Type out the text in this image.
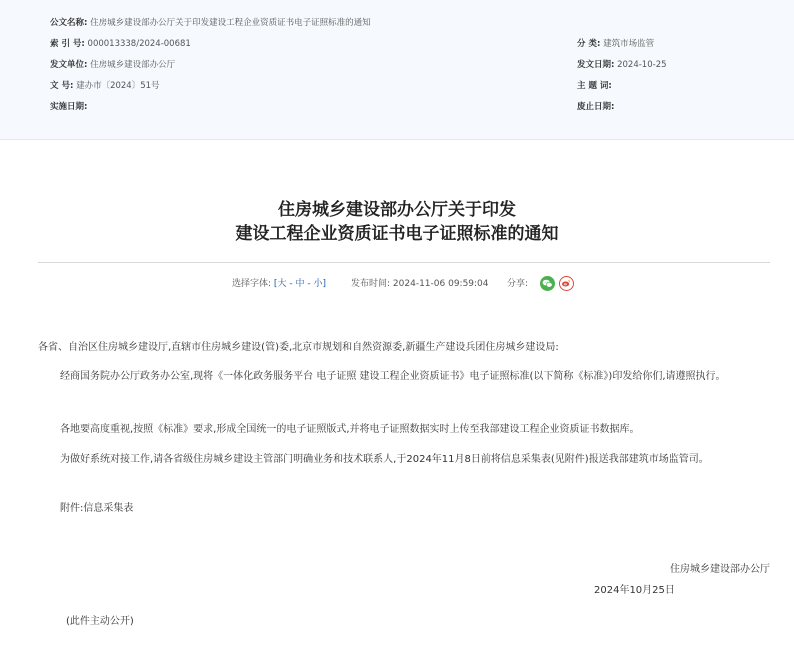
公文名称: 住房城乡建设部办公厅关于印发建设工程企业资质证书电子证照标准的通知
索 引 号: 000013338/2024-00681	分 类: 建筑市场监管
发文单位: 住房城乡建设部办公厅	发文日期: 2024-10-25
文 号: 建办市〔2024〕51号	主 题 词:
实施日期:	废止日期:
住房城乡建设部办公厅关于印发
建设工程企业资质证书电子证照标准的通知
选择字体: [大 - 中 - 小]	发布时间: 2024-11-06 09:59:04 分享:
各省、自治区住房城乡建设厅,直辖市住房城乡建设(管)委,北京市规划和自然资源委,新疆生产建设兵团住房城乡建设局:
经商国务院办公厅政务办公室,现将《一体化政务服务平台 电子证照 建设工程企业资质证书》电子证照标准(以下简称《标准》)印发给你们,请遵照执行。
各地要高度重视,按照《标准》要求,形成全国统一的电子证照版式,并将电子证照数据实时上传至我部建设工程企业资质证书数据库。
为做好系统对接工作,请各省级住房城乡建设主管部门明确业务和技术联系人,于2024年11月8日前将信息采集表(见附件)报送我部建筑市场监管司。
附件:信息采集表
住房城乡建设部办公厅
2024年10月25日
(此件主动公开)
